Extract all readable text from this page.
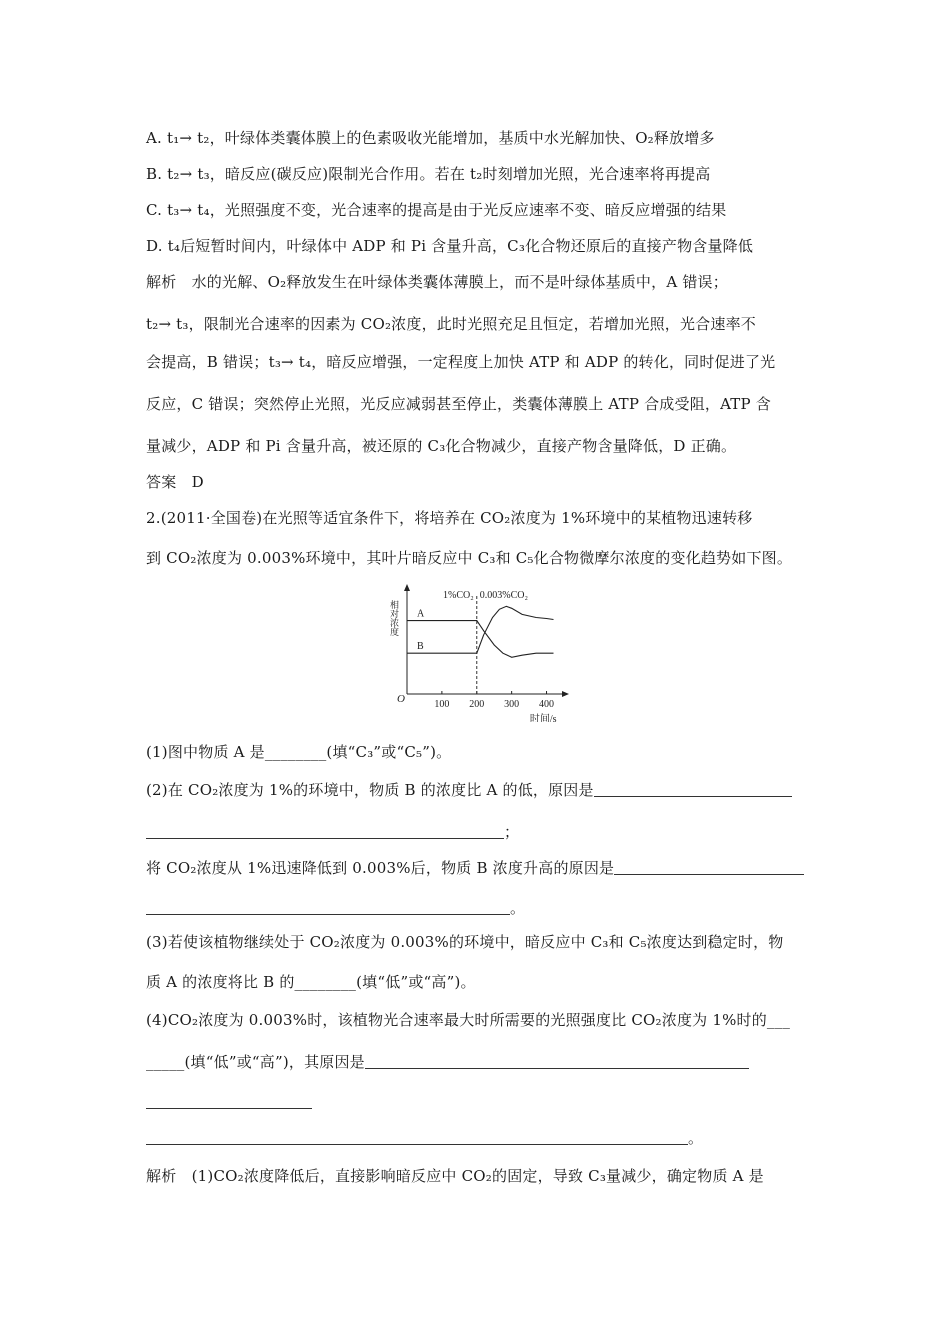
A. t₁→ t₂，叶绿体类囊体膜上的色素吸收光能增加，基质中水光解加快、O₂释放增多
B. t₂→ t₃，暗反应(碳反应)限制光合作用。若在 t₂时刻增加光照，光合速率将再提高
C. t₃→ t₄，光照强度不变，光合速率的提高是由于光反应速率不变、暗反应增强的结果
D. t₄后短暂时间内，叶绿体中 ADP 和 Pi 含量升高，C₃化合物还原后的直接产物含量降低
解析　水的光解、O₂释放发生在叶绿体类囊体薄膜上，而不是叶绿体基质中，A 错误；
t₂→ t₃，限制光合速率的因素为 CO₂浓度，此时光照充足且恒定，若增加光照，光合速率不
会提高，B 错误；t₃→ t₄，暗反应增强，一定程度上加快 ATP 和 ADP 的转化，同时促进了光
反应，C 错误；突然停止光照，光反应减弱甚至停止，类囊体薄膜上 ATP 合成受阻，ATP 含
量减少，ADP 和 Pi 含量升高，被还原的 C₃化合物减少，直接产物含量降低，D 正确。
答案　D
2.(2011·全国卷)在光照等适宜条件下，将培养在 CO₂浓度为 1%环境中的某植物迅速转移
到 CO₂浓度为 0.003%环境中，其叶片暗反应中 C₃和 C₅化合物微摩尔浓度的变化趋势如下图。
100 200 300 400
O
时间/s
相对浓度
1%CO₂ 0.003%CO₂
A
B
(1)图中物质 A 是________(填“C₃”或“C₅”)。
(2)在 CO₂浓度为 1%的环境中，物质 B 的浓度比 A 的低，原因是
；
将 CO₂浓度从 1%迅速降低到 0.003%后，物质 B 浓度升高的原因是
。
(3)若使该植物继续处于 CO₂浓度为 0.003%的环境中，暗反应中 C₃和 C₅浓度达到稳定时，物
质 A 的浓度将比 B 的________(填“低”或“高”)。
(4)CO₂浓度为 0.003%时，该植物光合速率最大时所需要的光照强度比 CO₂浓度为 1%时的___
_____(填“低”或“高”)，其原因是
。
解析　(1)CO₂浓度降低后，直接影响暗反应中 CO₂的固定，导致 C₃量减少，确定物质 A 是
